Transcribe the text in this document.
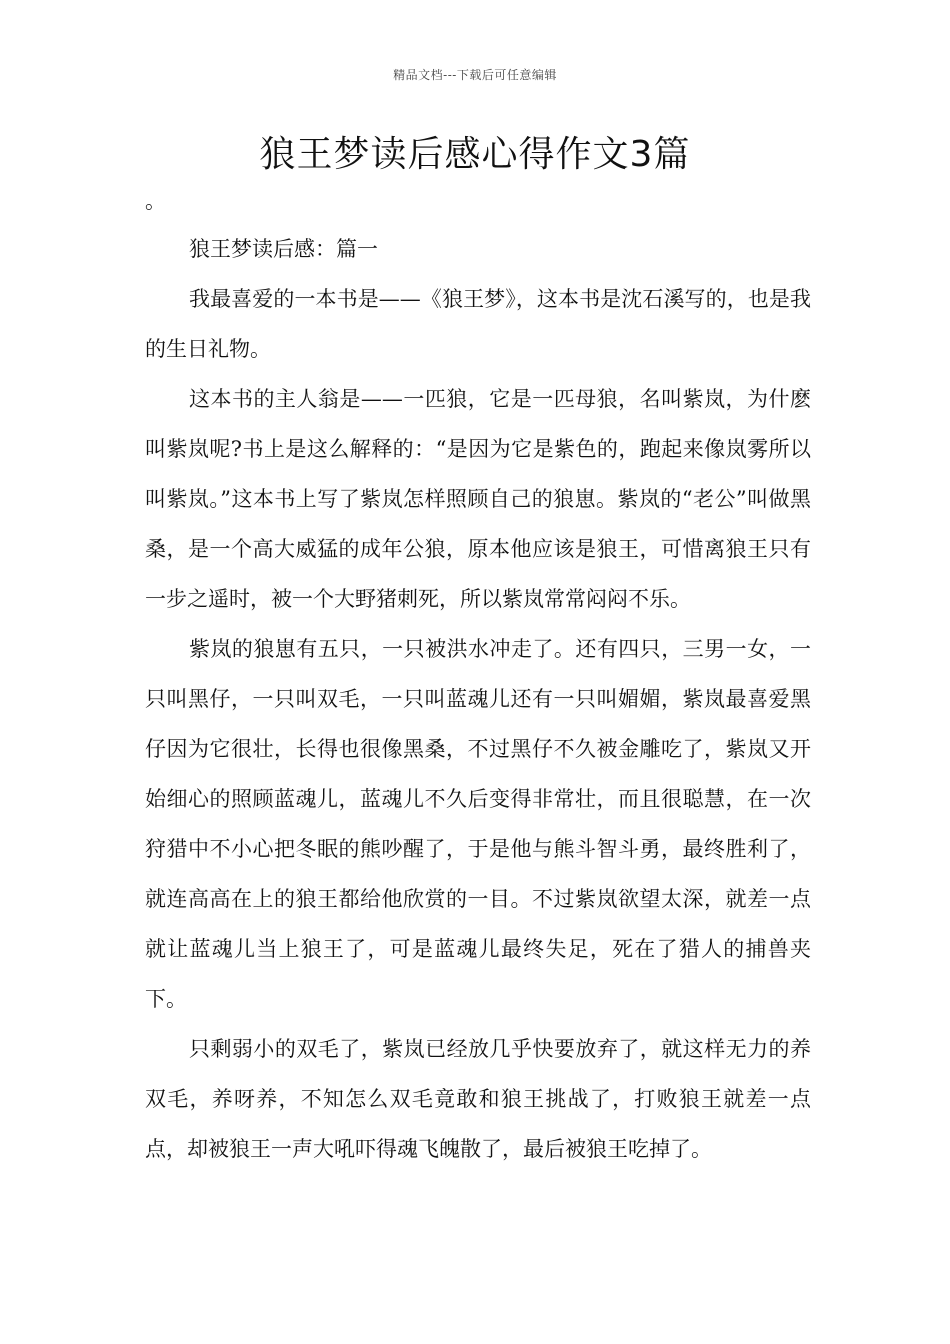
精品文档---下载后可任意编辑
狼王梦读后感心得作文3篇

。

狼王梦读后感：篇一

我最喜爱的一本书是——《狼王梦》，这本书是沈石溪写的，也是我的生日礼物。

这本书的主人翁是——一匹狼，它是一匹母狼，名叫紫岚，为什麽叫紫岚呢?书上是这么解释的：“是因为它是紫色的，跑起来像岚雾所以叫紫岚。”这本书上写了紫岚怎样照顾自己的狼崽。紫岚的“老公”叫做黑桑，是一个高大威猛的成年公狼，原本他应该是狼王，可惜离狼王只有一步之遥时，被一个大野猪刺死，所以紫岚常常闷闷不乐。

紫岚的狼崽有五只，一只被洪水冲走了。还有四只，三男一女，一只叫黑仔，一只叫双毛，一只叫蓝魂儿还有一只叫媚媚，紫岚最喜爱黑仔因为它很壮，长得也很像黑桑，不过黑仔不久被金雕吃了，紫岚又开始细心的照顾蓝魂儿，蓝魂儿不久后变得非常壮，而且很聪慧，在一次狩猎中不小心把冬眠的熊吵醒了，于是他与熊斗智斗勇，最终胜利了，就连高高在上的狼王都给他欣赏的一目。不过紫岚欲望太深，就差一点就让蓝魂儿当上狼王了，可是蓝魂儿最终失足，死在了猎人的捕兽夹下。

只剩弱小的双毛了，紫岚已经放几乎快要放弃了，就这样无力的养双毛，养呀养，不知怎么双毛竟敢和狼王挑战了，打败狼王就差一点点，却被狼王一声大吼吓得魂飞魄散了，最后被狼王吃掉了。
